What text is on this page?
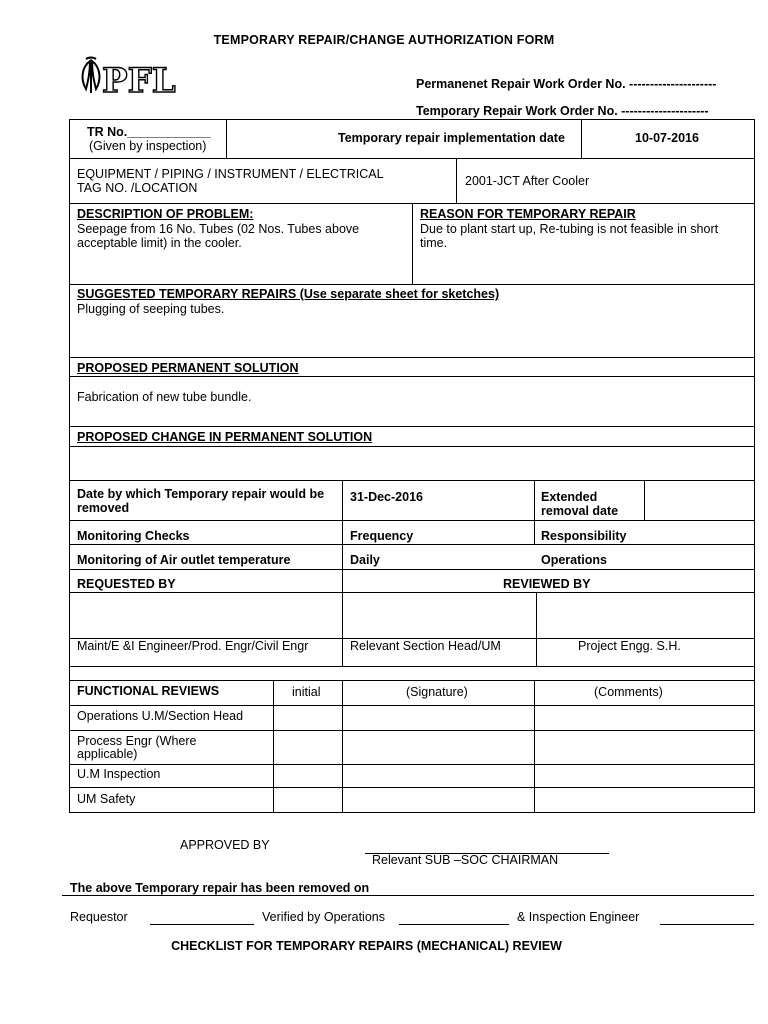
TEMPORARY REPAIR/CHANGE AUTHORIZATION FORM
PFL	Permanenet Repair Work Order No. ---------------------
Temporary Repair Work Order No. ---------------------
TR No.____________
(Given by inspection)
Temporary repair implementation date	10-07-2016
EQUIPMENT / PIPING / INSTRUMENT / ELECTRICAL
TAG NO. /LOCATION	2001-JCT After Cooler
DESCRIPTION OF PROBLEM:
Seepage from 16 No. Tubes (02 Nos. Tubes above
acceptable limit) in the cooler.
REASON FOR TEMPORARY REPAIR
Due to plant start up, Re-tubing is not feasible in short
time.
SUGGESTED TEMPORARY REPAIRS (Use separate sheet for sketches)
Plugging of seeping tubes.
PROPOSED PERMANENT SOLUTION
Fabrication of new tube bundle.
PROPOSED CHANGE IN PERMANENT SOLUTION
Date by which Temporary repair would be
removed
31-Dec-2016	Extended
removal date
Monitoring Checks	Frequency	Responsibility
Monitoring of Air outlet temperature	Daily	Operations
REQUESTED BY	REVIEWED BY
Maint/E &I Engineer/Prod. Engr/Civil Engr	Relevant Section Head/UM	Project Engg. S.H.
FUNCTIONAL REVIEWS	initial	(Signature)	(Comments)
Operations U.M/Section Head
Process Engr (Where
applicable)
U.M Inspection
UM Safety
APPROVED BY
Relevant SUB –SOC CHAIRMAN
The above Temporary repair has been removed on
Requestor	Verified by Operations	& Inspection Engineer
CHECKLIST FOR TEMPORARY REPAIRS (MECHANICAL) REVIEW
